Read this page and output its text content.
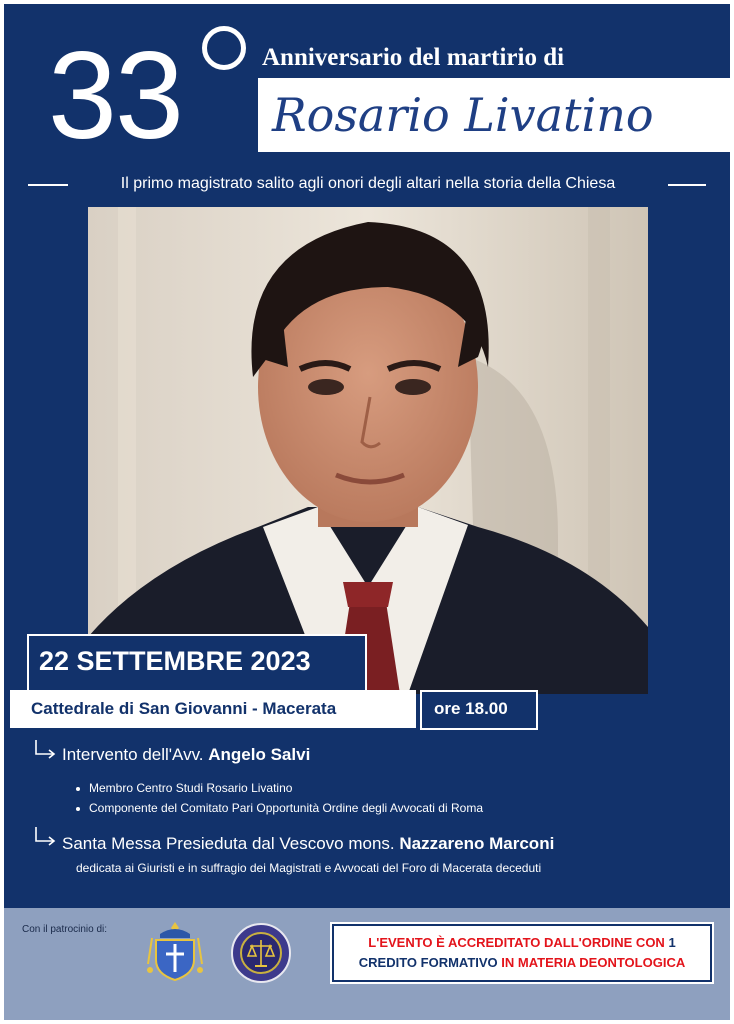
33	Anniversario del martirio di
Rosario Livatino
Il primo magistrato salito agli onori degli altari nella storia della Chiesa
22 SETTEMBRE 2023
Cattedrale di San Giovanni - Macerata	ore 18.00
Intervento dell'Avv. Angelo Salvi
Membro Centro Studi Rosario Livatino
Componente del Comitato Pari Opportunità Ordine degli Avvocati di Roma
Santa Messa Presieduta dal Vescovo mons. Nazzareno Marconi
dedicata ai Giuristi e in suffragio dei Magistrati e Avvocati del Foro di Macerata deceduti
Con il patrocinio di:
L'EVENTO È ACCREDITATO DALL'ORDINE CON 1
CREDITO FORMATIVO IN MATERIA DEONTOLOGICA
